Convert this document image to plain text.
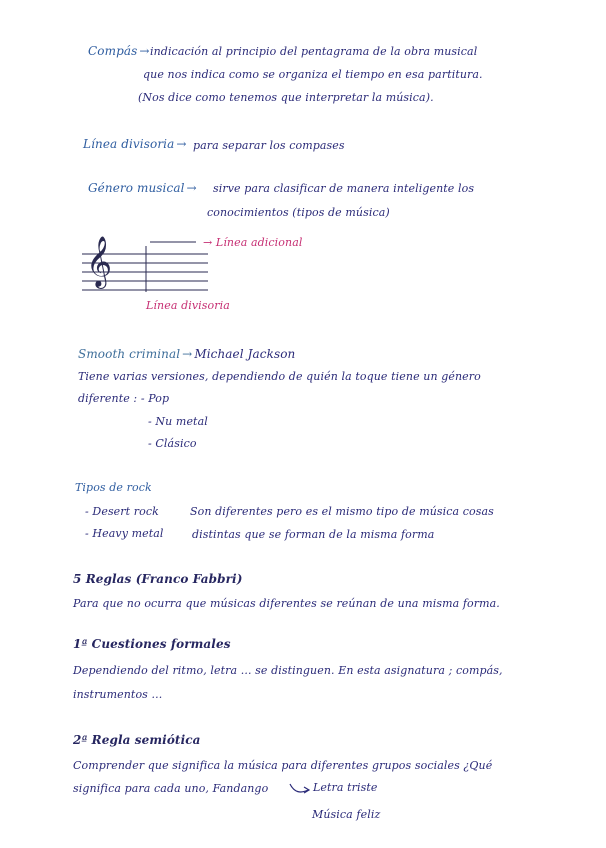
Compás → indicación al principio del pentagrama de la obra musical
que nos indica como se organiza el tiempo en esa partitura.
(Nos dice como tenemos que interpretar la música).
Línea divisoria → para separar los compases
Género musical → sirve para clasificar de manera inteligente los
conocimientos (tipos de música)
𝄞	→ Línea adicional
Línea divisoria
Smooth criminal → Michael Jackson
Tiene varias versiones, dependiendo de quién la toque tiene un género
diferente : - Pop
- Nu metal
- Clásico
Tipos de rock
- Desert rock
- Heavy metal
Son diferentes pero es el mismo tipo de música cosas
distintas que se forman de la misma forma
5 Reglas (Franco Fabbri)
Para que no ocurra que músicas diferentes se reúnan de una misma forma.
1ª Cuestiones formales
Dependiendo del ritmo, letra ... se distinguen. En esta asignatura ; compás,
instrumentos ...
2ª Regla semiótica
Comprender que significa la música para diferentes grupos sociales ¿Qué
significa para cada uno, Fandango	Letra triste
Música feliz
